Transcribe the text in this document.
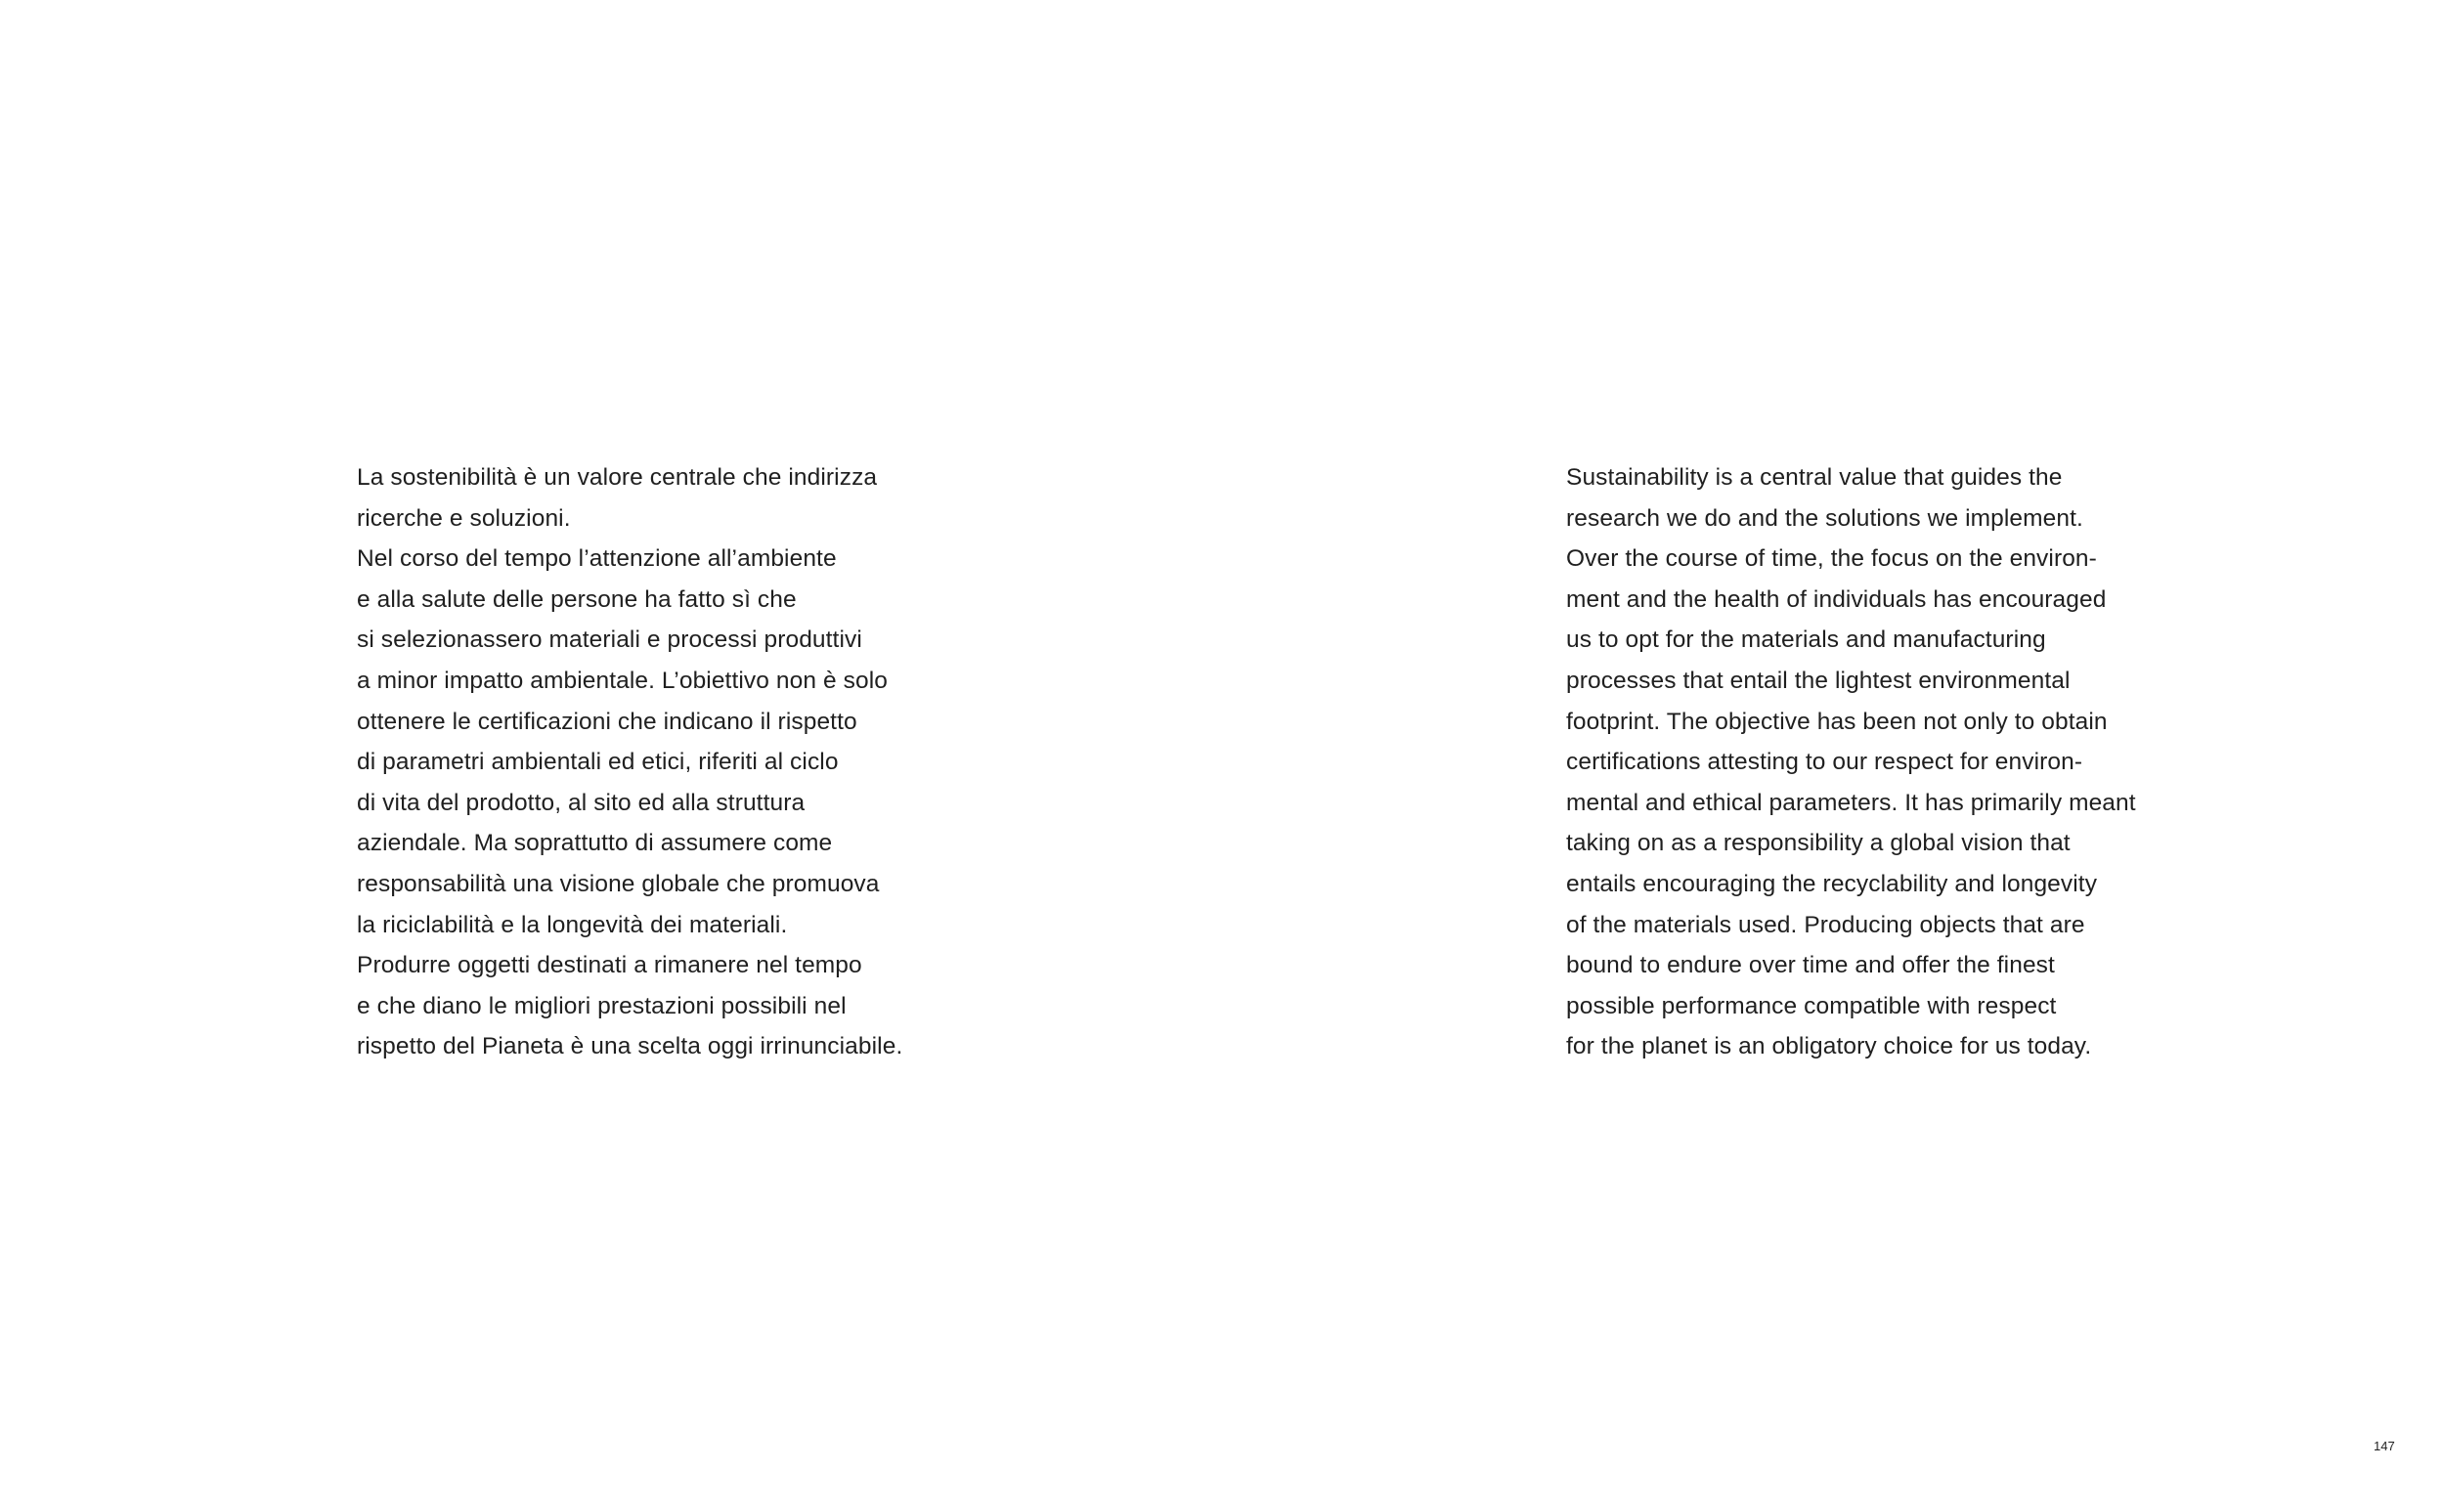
La sostenibilità è un valore centrale che indirizza
ricerche e soluzioni.
Nel corso del tempo l’attenzione all’ambiente
e alla salute delle persone ha fatto sì che
si selezionassero materiali e processi produttivi
a minor impatto ambientale. L’obiettivo non è solo
ottenere le certificazioni che indicano il rispetto
di parametri ambientali ed etici, riferiti al ciclo
di vita del prodotto, al sito ed alla struttura
aziendale. Ma soprattutto di assumere come
responsabilità una visione globale che promuova
la riciclabilità e la longevità dei materiali.
Produrre oggetti destinati a rimanere nel tempo
e che diano le migliori prestazioni possibili nel
rispetto del Pianeta è una scelta oggi irrinunciabile.
Sustainability is a central value that guides the
research we do and the solutions we implement.
Over the course of time, the focus on the environ-
ment and the health of individuals has encouraged
us to opt for the materials and manufacturing
processes that entail the lightest environmental
footprint. The objective has been not only to obtain
certifications attesting to our respect for environ-
mental and ethical parameters. It has primarily meant
taking on as a responsibility a global vision that
entails encouraging the recyclability and longevity
of the materials used. Producing objects that are
bound to endure over time and offer the finest
possible performance compatible with respect
for the planet is an obligatory choice for us today.
147
